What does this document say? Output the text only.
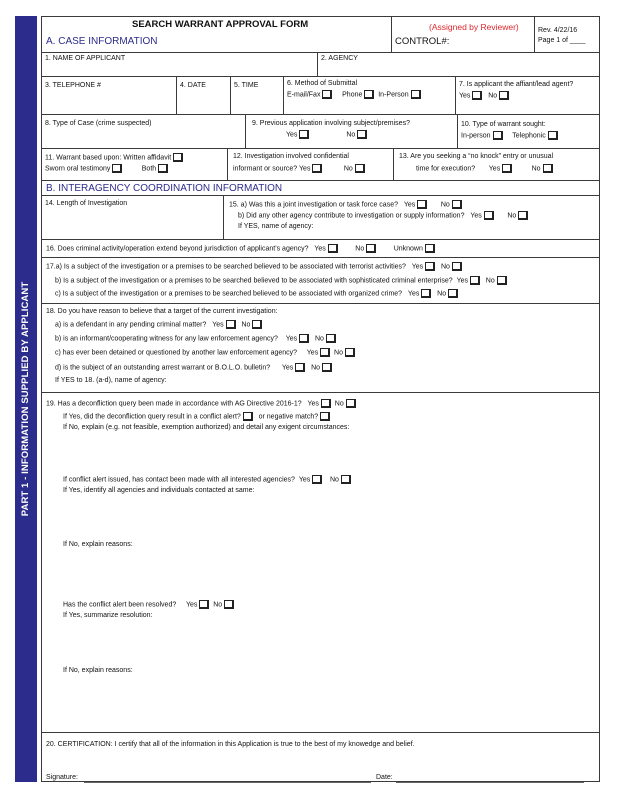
PART 1 - INFORMATION SUPPLIED BY APPLICANT
SEARCH WARRANT APPROVAL FORM
A. CASE INFORMATION
(Assigned by Reviewer)
CONTROL#:
Rev. 4/22/16
Page 1 of ____
1. NAME OF APPLICANT	2. AGENCY
3. TELEPHONE #	4. DATE	5. TIME	6. Method of Submittal
E-mail/Fax	Phone In-Person
7. Is applicant the affiant/lead agent?
Yes	No
8. Type of Case (crime suspected)	9. Previous application involving subject/premises?
Yes	No
10. Type of warrant sought:
In-person	Telephonic
11. Warrant based upon: Written affidavit
Sworn oral testimony	Both
12. Investigation involved confidential
informant or source? Yes	No
13. Are you seeking a “no knock” entry or unusual
time for execution? Yes	No
B. INTERAGENCY COORDINATION INFORMATION
14. Length of Investigation	15. a) Was this a joint investigation or task force case? Yes	No
b) Did any other agency contribute to investigation or supply information? Yes	No
If YES, name of agency:
16. Does criminal activity/operation extend beyond jurisdiction of applicant’s agency? Yes	No	Unknown
17.a) Is a subject of the investigation or a premises to be searched believed to be associated with terrorist activities? Yes	No
b) Is a subject of the investigation or a premises to be searched believed to be associated with sophisticated criminal enterprise? Yes	No
c) Is a subject of the investigation or a premises to be searched believed to be associated with organized crime? Yes	No
18. Do you have reason to believe that a target of the current investigation:
a) is a defendant in any pending criminal matter? Yes	No
b) is an informant/cooperating witness for any law enforcement agency? Yes	No
c) has ever been detained or questioned by another law enforcement agency? Yes No
d) is the subject of an outstanding arrest warrant or B.O.L.O. bulletin? Yes	No
If YES to 18. (a-d), name of agency:
19. Has a deconfliction query been made in accordance with AG Directive 2016-1? Yes No
If Yes, did the deconfliction query result in a conflict alert?	or negative match?
If No, explain (e.g. not feasible, exemption authorized) and detail any exigent circumstances:
If conflict alert issued, has contact been made with all interested agencies? Yes	No
If Yes, identify all agencies and individuals contacted at same:
If No, explain reasons:
Has the conflict alert been resolved? Yes No
If Yes, summarize resolution:
If No, explain reasons:
20. CERTIFICATION: I certify that all of the information in this Application is true to the best of my knowedge and belief.
Signature:	Date:
